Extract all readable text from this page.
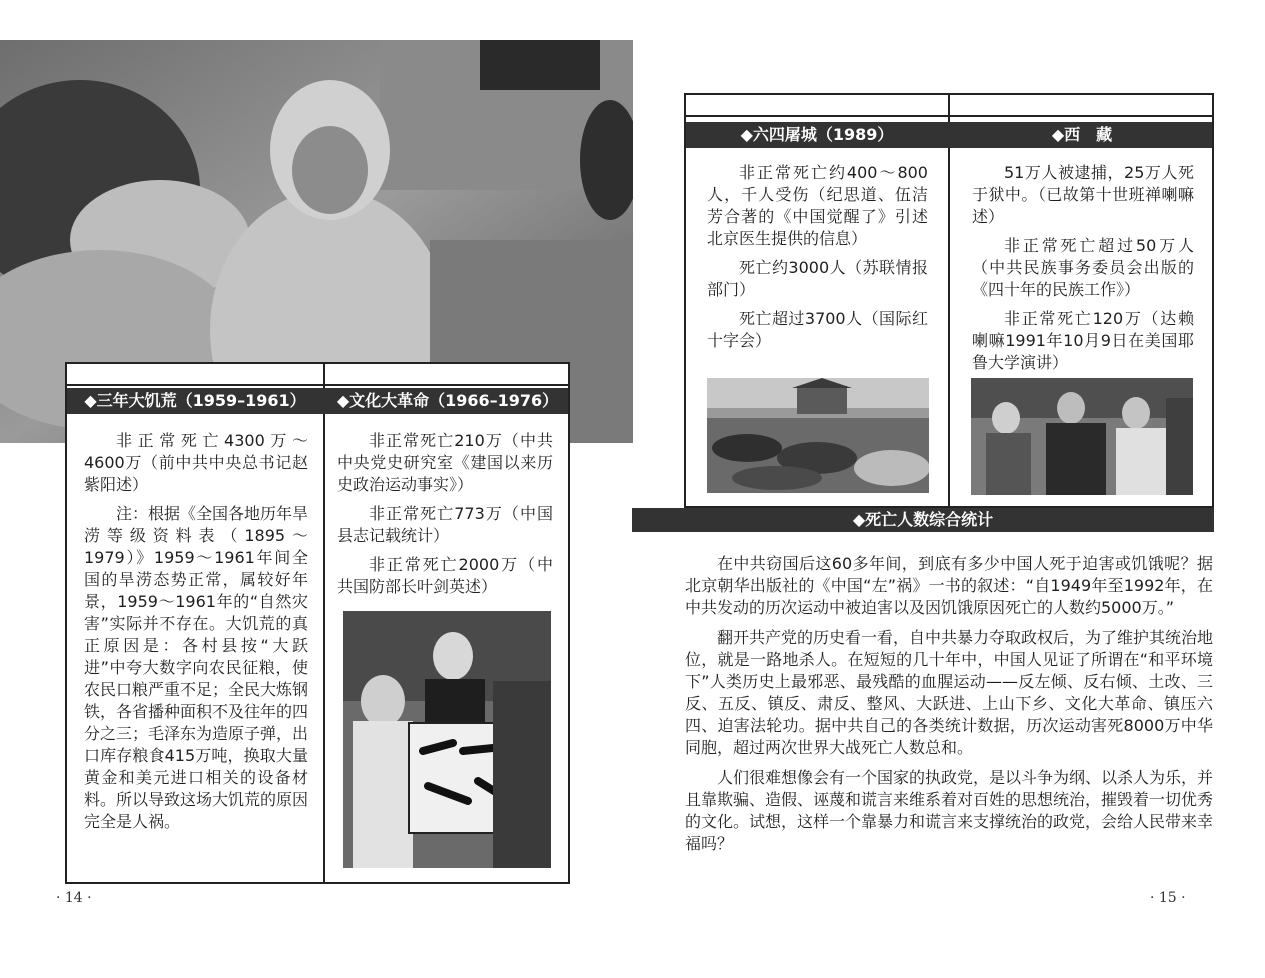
◆三年大饥荒（1959–1961）	◆文化大革命（1966–1976）

非正常死亡4300万～4600万（前中共中央总书记赵紫阳述）

注：根据《全国各地历年旱涝等级资料表（1895～1979）》1959～1961年间全国的旱涝态势正常，属较好年景，1959～1961年的“自然灾害”实际并不存在。大饥荒的真正原因是：各村县按“大跃进”中夸大数字向农民征粮，使农民口粮严重不足；全民大炼钢铁，各省播种面积不及往年的四分之三；毛泽东为造原子弹，出口库存粮食415万吨，换取大量黄金和美元进口相关的设备材料。所以导致这场大饥荒的原因完全是人祸。

非正常死亡210万（中共中央党史研究室《建国以来历史政治运动事实》）

非正常死亡773万（中国县志记载统计）

非正常死亡2000万（中共国防部长叶剑英述）

· 14 ·
◆六四屠城（1989）	◆西　藏

非正常死亡约400～800人，千人受伤（纪思道、伍洁芳合著的《中国觉醒了》引述北京医生提供的信息）

死亡约3000人（苏联情报部门）

死亡超过3700人（国际红十字会）

51万人被逮捕，25万人死于狱中。（已故第十世班禅喇嘛述）

非正常死亡超过50万人（中共民族事务委员会出版的《四十年的民族工作》）

非正常死亡120万（达赖喇嘛1991年10月9日在美国耶鲁大学演讲）

◆死亡人数综合统计

在中共窃国后这60多年间，到底有多少中国人死于迫害或饥饿呢？据北京朝华出版社的《中国“左”祸》一书的叙述：“自1949年至1992年，在中共发动的历次运动中被迫害以及因饥饿原因死亡的人数约5000万。”

翻开共产党的历史看一看，自中共暴力夺取政权后，为了维护其统治地位，就是一路地杀人。在短短的几十年中，中国人见证了所谓在“和平环境下”人类历史上最邪恶、最残酷的血腥运动——反左倾、反右倾、土改、三反、五反、镇反、肃反、整风、大跃进、上山下乡、文化大革命、镇压六四、迫害法轮功。据中共自己的各类统计数据，历次运动害死8000万中华同胞，超过两次世界大战死亡人数总和。

人们很难想像会有一个国家的执政党，是以斗争为纲、以杀人为乐，并且靠欺骗、造假、诬蔑和谎言来维系着对百姓的思想统治，摧毁着一切优秀的文化。试想，这样一个靠暴力和谎言来支撑统治的政党，会给人民带来幸福吗？

· 15 ·
